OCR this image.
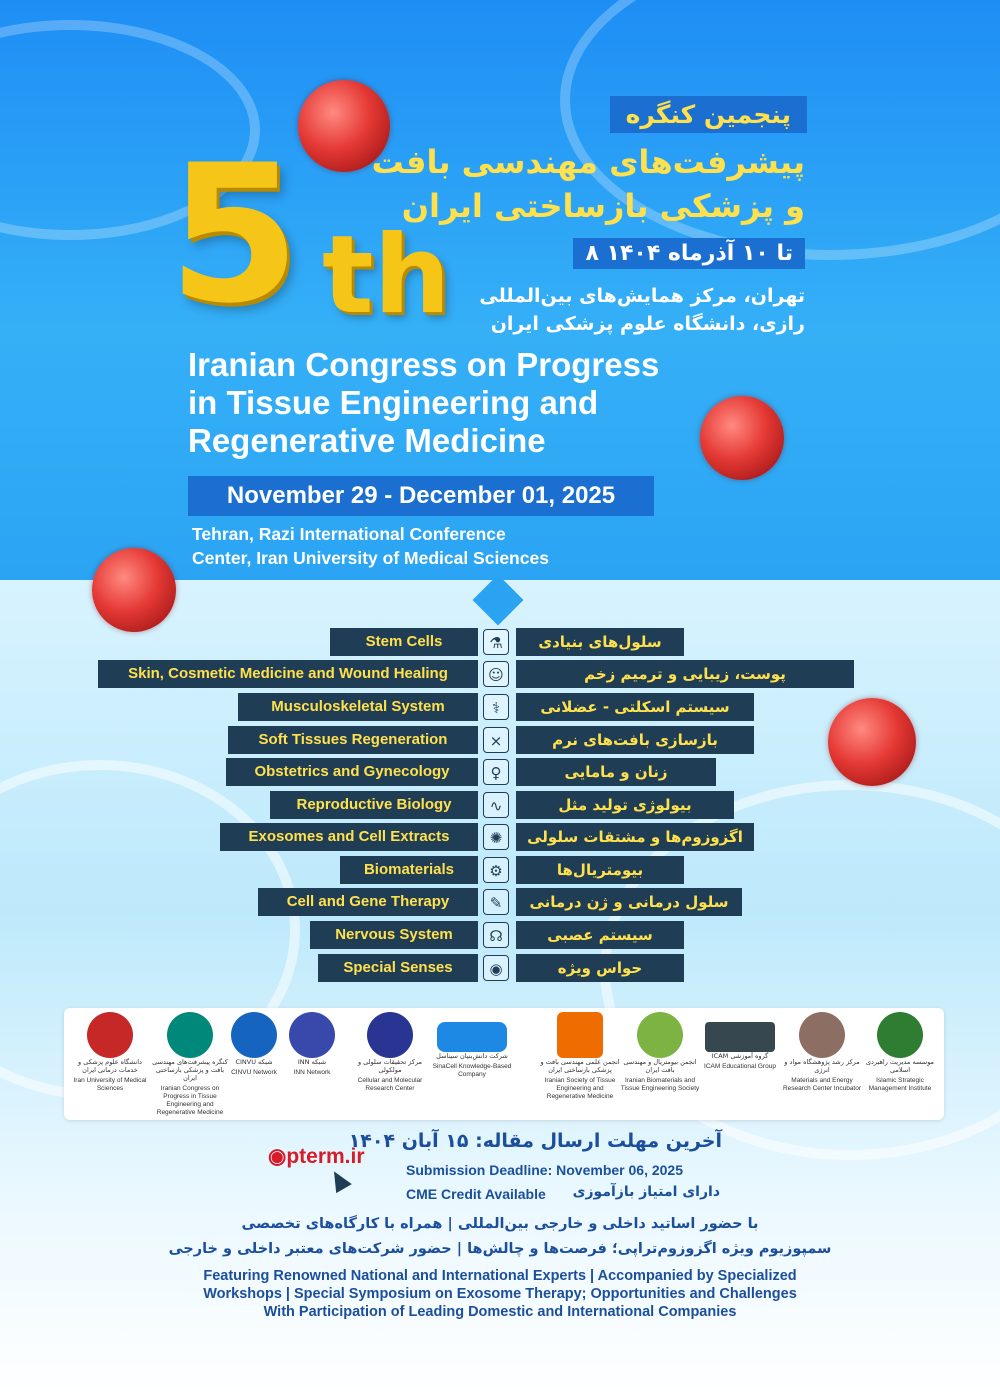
پنجمین کنگره
پیشرفت‌های مهندسی بافت
و پزشکی بازساختی ایران
۸ تا ۱۰ آذرماه ۱۴۰۴
تهران، مرکز همایش‌های بین‌المللی
رازی، دانشگاه علوم پزشکی ایران
5 th
Iranian Congress on Progress
in Tissue Engineering and
Regenerative Medicine
November 29 - December 01, 2025
Tehran, Razi International Conference
Center, Iran University of Medical Sciences
Stem Cells	⚗	سلول‌های بنیادی
Skin, Cosmetic Medicine and Wound Healing	☺	پوست، زیبایی و ترمیم زخم
Musculoskeletal System	⚕	سیستم اسکلتی - عضلانی
Soft Tissues Regeneration	⨯	بازسازی بافت‌های نرم
Obstetrics and Gynecology	♀	زنان و مامایی
Reproductive Biology	∿	بیولوژی تولید مثل
Exosomes and Cell Extracts	✺	اگزوزوم‌ها و مشتقات سلولی
Biomaterials	⚙	بیومتریال‌ها
Cell and Gene Therapy	✎	سلول درمانی و ژن درمانی
Nervous System	☊	سیستم عصبی
Special Senses	◉	حواس ویژه
دانشگاه علوم پزشکی و خدمات درمانی ایران
Iran University of Medical Sciences
کنگره پیشرفت‌های مهندسی بافت و پزشکی بازساختی ایران
Iranian Congress on Progress in Tissue Engineering and Regenerative Medicine
شبکه CINVU
CINVU Network
شبکه INN
INN Network
مرکز تحقیقات سلولی و مولکولی
Cellular and Molecular Research Center
شرکت دانش‌بنیان سیناسل
SinaCell Knowledge-Based Company
انجمن علمی مهندسی بافت و پزشکی بازساختی ایران
Iranian Society of Tissue Engineering and Regenerative Medicine
انجمن بیومتریال و مهندسی بافت ایران
Iranian Biomaterials and Tissue Engineering Society
گروه آموزشی ICAM
ICAM Educational Group
مرکز رشد پژوهشگاه مواد و انرژی
Materials and Energy Research Center Incubator
موسسه مدیریت راهبردی اسلامی
Islamic Strategic Management Institute
◉pterm.ir
آخرین مهلت ارسال مقاله: ۱۵ آبان ۱۴۰۴
Submission Deadline: November 06, 2025
CME Credit Available دارای امتیاز بازآموزی
با حضور اساتید داخلی و خارجی بین‌المللی | همراه با کارگاه‌های تخصصی
سمپوزیوم ویژه اگزوزوم‌تراپی؛ فرصت‌ها و چالش‌ها | حضور شرکت‌های معتبر داخلی و خارجی
Featuring Renowned National and International Experts | Accompanied by Specialized
Workshops | Special Symposium on Exosome Therapy; Opportunities and Challenges
With Participation of Leading Domestic and International Companies
